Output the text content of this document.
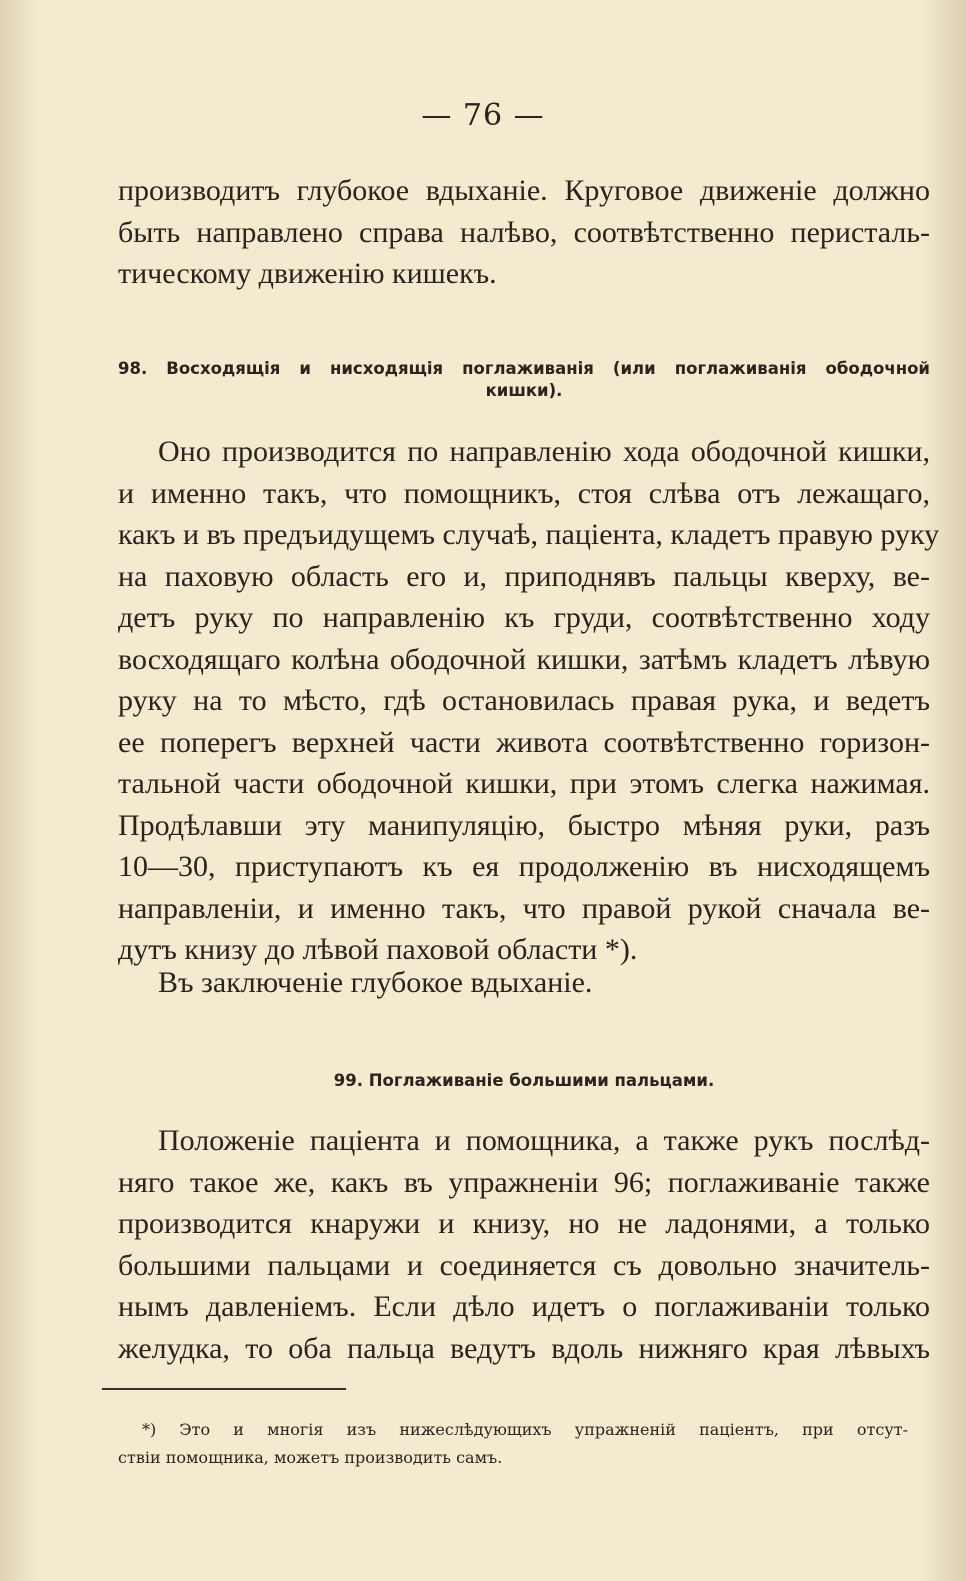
— 76 —

производитъ глубокое вдыханіе. Круговое движеніе должно
быть направлено справа налѣво, соотвѣтственно перисталь-
тическому движенію кишекъ.

98. Восходящія и нисходящія поглаживанія (или поглаживанія ободочной
кишки).

Оно производится по направленію хода ободочной кишки,
и именно такъ, что помощникъ, стоя слѣва отъ лежащаго,
какъ и въ предъидущемъ случаѣ, паціента, кладетъ правую руку
на паховую область его и, приподнявъ пальцы кверху, ве-
детъ руку по направленію къ груди, соотвѣтственно ходу
восходящаго колѣна ободочной кишки, затѣмъ кладетъ лѣвую
руку на то мѣсто, гдѣ остановилась правая рука, и ведетъ
ее поперегъ верхней части живота соотвѣтственно горизон-
тальной части ободочной кишки, при этомъ слегка нажимая.
Продѣлавши эту манипуляцію, быстро мѣняя руки, разъ
10—30, приступаютъ къ ея продолженію въ нисходящемъ
направленіи, и именно такъ, что правой рукой сначала ве-
дутъ книзу до лѣвой паховой области *).

Въ заключеніе глубокое вдыханіе.

99. Поглаживаніе большими пальцами.

Положеніе паціента и помощника, а также рукъ послѣд-
няго такое же, какъ въ упражненіи 96; поглаживаніе также
производится кнаружи и книзу, но не ладонями, а только
большими пальцами и соединяется съ довольно значитель-
нымъ давленіемъ. Если дѣло идетъ о поглаживаніи только
желудка, то оба пальца ведутъ вдоль нижняго края лѣвыхъ

*) Это и многія изъ нижеслѣдующихъ упражненій паціентъ, при отсут-
ствіи помощника, можетъ производить самъ.
